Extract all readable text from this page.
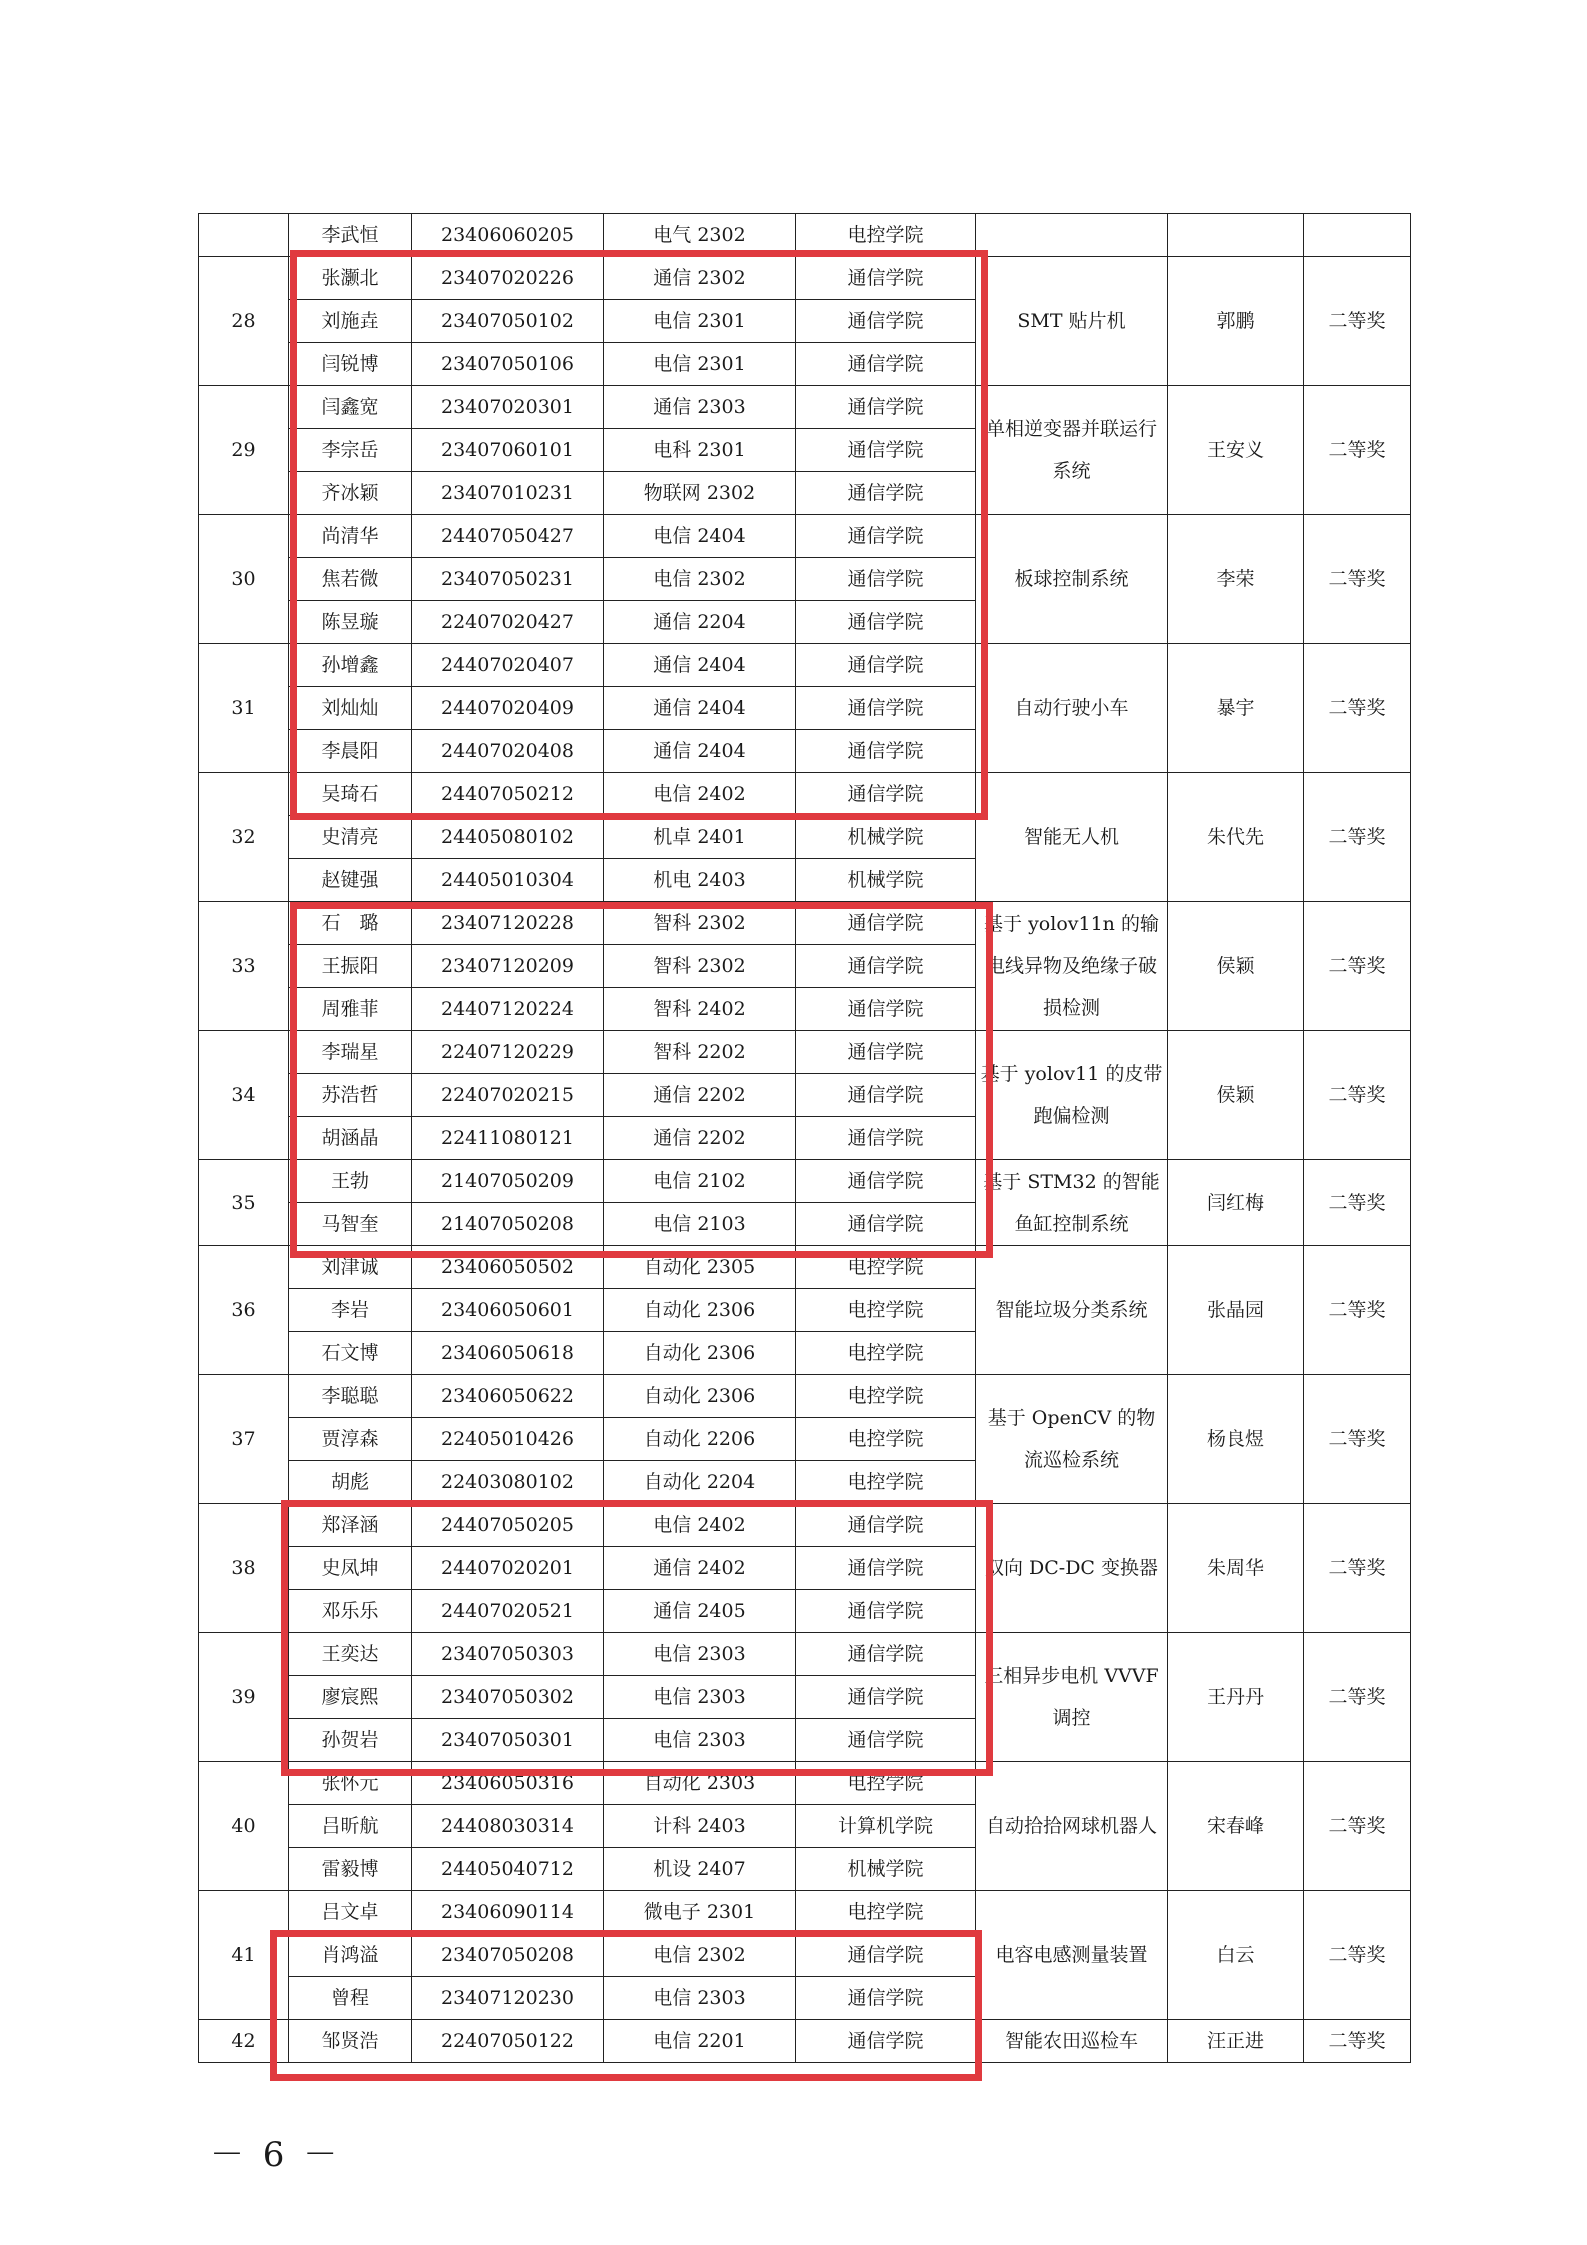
	李武恒	23406060205	电气 2302	电控学院			
28	张灏北	23407020226	通信 2302	通信学院	SMT 贴片机	郭鹏	二等奖
	刘施垚	23407050102	电信 2301	通信学院			
	闫锐博	23407050106	电信 2301	通信学院			
29	闫鑫宽	23407020301	通信 2303	通信学院	单相逆变器并联运行系统	王安义	二等奖
	李宗岳	23407060101	电科 2301	通信学院			
	齐冰颖	23407010231	物联网 2302	通信学院			
30	尚清华	24407050427	电信 2404	通信学院	板球控制系统	李荣	二等奖
	焦若微	23407050231	电信 2302	通信学院			
	陈昱璇	22407020427	通信 2204	通信学院			
31	孙增鑫	24407020407	通信 2404	通信学院	自动行驶小车	暴宇	二等奖
	刘灿灿	24407020409	通信 2404	通信学院			
	李晨阳	24407020408	通信 2404	通信学院			
32	吴琦石	24407050212	电信 2402	通信学院	智能无人机	朱代先	二等奖
	史清亮	24405080102	机卓 2401	机械学院			
	赵键强	24405010304	机电 2403	机械学院			
33	石　璐	23407120228	智科 2302	通信学院	基于 yolov11n 的输电线异物及绝缘子破损检测	侯颖	二等奖
	王振阳	23407120209	智科 2302	通信学院			
	周雅菲	24407120224	智科 2402	通信学院			
34	李瑞星	22407120229	智科 2202	通信学院	基于 yolov11 的皮带跑偏检测	侯颖	二等奖
	苏浩哲	22407020215	通信 2202	通信学院			
	胡涵晶	22411080121	通信 2202	通信学院			
35	王勃	21407050209	电信 2102	通信学院	基于 STM32 的智能鱼缸控制系统	闫红梅	二等奖
	马智奎	21407050208	电信 2103	通信学院			
36	刘津诚	23406050502	自动化 2305	电控学院	智能垃圾分类系统	张晶园	二等奖
	李岩	23406050601	自动化 2306	电控学院			
	石文博	23406050618	自动化 2306	电控学院			
37	李聪聪	23406050622	自动化 2306	电控学院	基于 OpenCV 的物流巡检系统	杨良煜	二等奖
	贾淳森	22405010426	自动化 2206	电控学院			
	胡彪	22403080102	自动化 2204	电控学院			
38	郑泽涵	24407050205	电信 2402	通信学院	双向 DC-DC 变换器	朱周华	二等奖
	史凤坤	24407020201	通信 2402	通信学院			
	邓乐乐	24407020521	通信 2405	通信学院			
39	王奕达	23407050303	电信 2303	通信学院	三相异步电机 VVVF 调控	王丹丹	二等奖
	廖宸熙	23407050302	电信 2303	通信学院			
	孙贺岩	23407050301	电信 2303	通信学院			
40	张怀元	23406050316	自动化 2303	电控学院	自动拾拾网球机器人	宋春峰	二等奖
	吕昕航	24408030314	计科 2403	计算机学院			
	雷毅博	24405040712	机设 2407	机械学院			
41	吕文卓	23406090114	微电子 2301	电控学院	电容电感测量装置	白云	二等奖
	肖鸿溢	23407050208	电信 2302	通信学院			
	曾程	23407120230	电信 2303	通信学院			
42	邹贤浩	22407050122	电信 2201	通信学院	智能农田巡检车	汪正进	二等奖
－ 6 －
